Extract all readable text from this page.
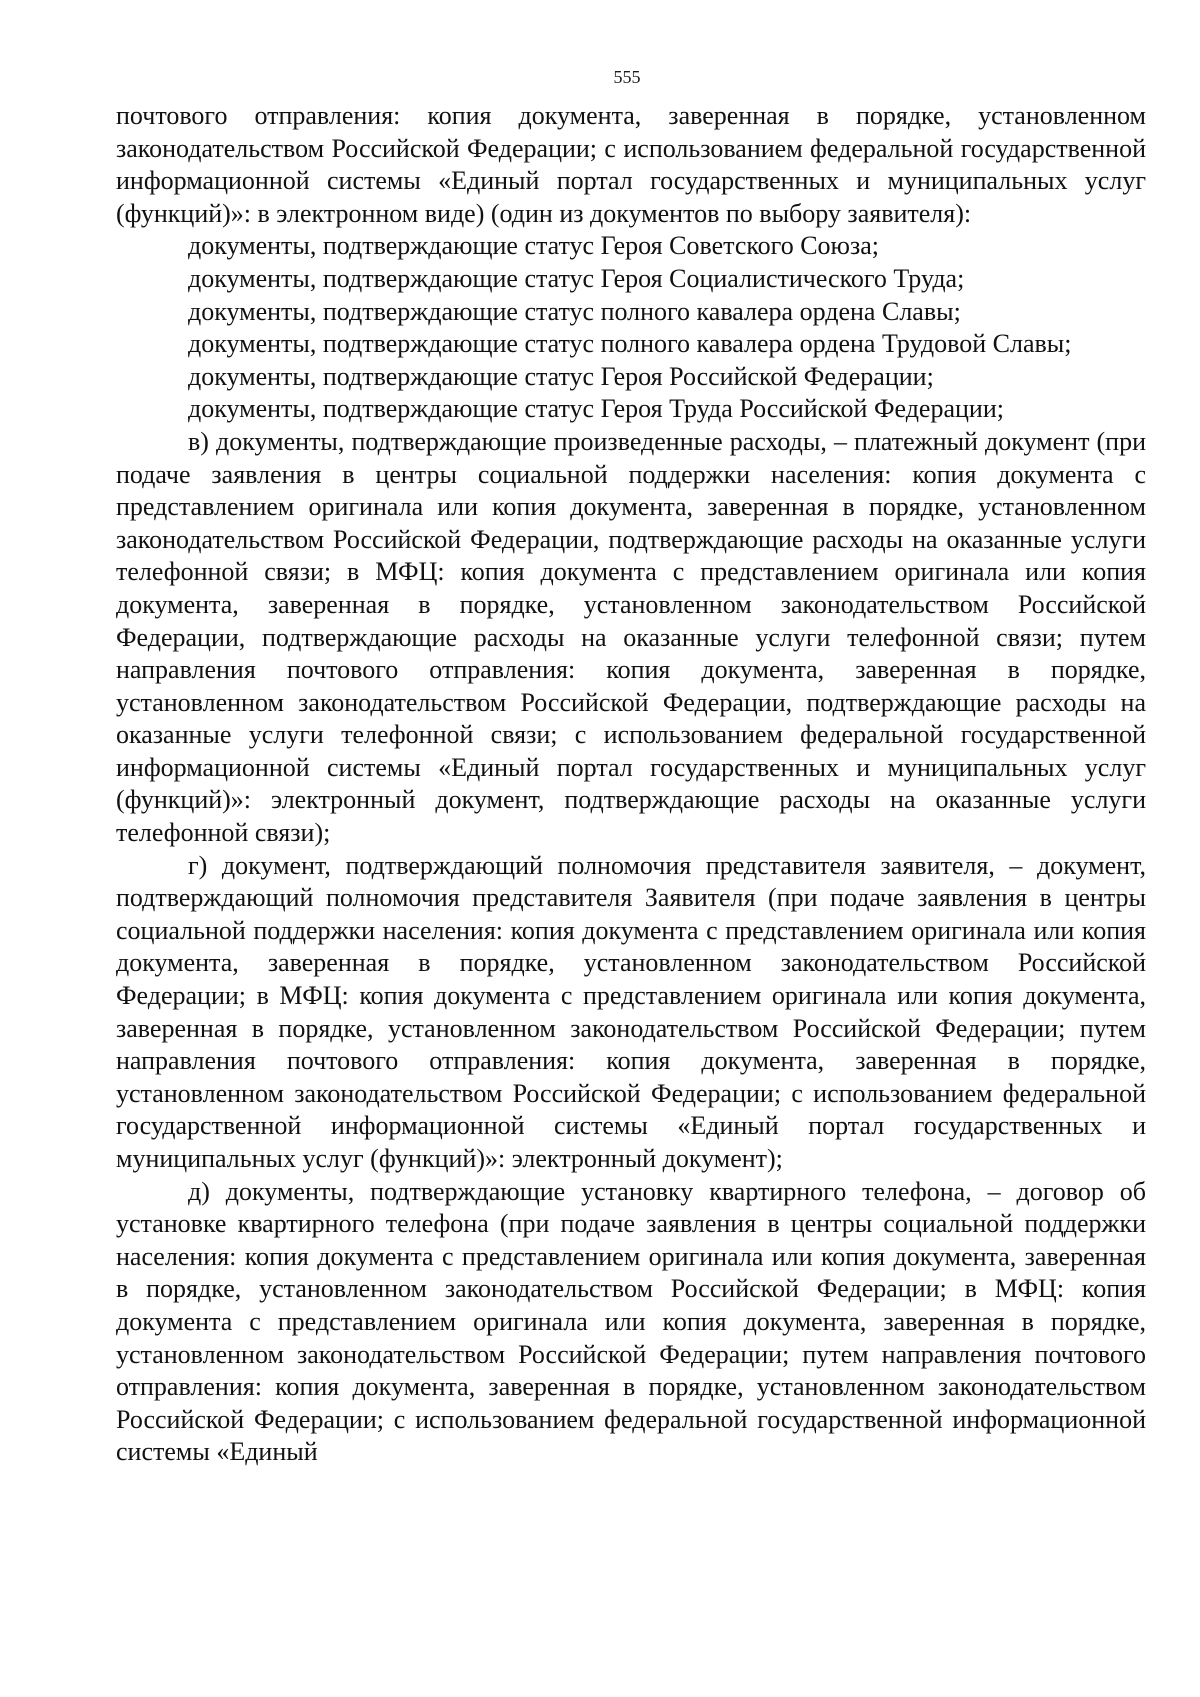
555

почтового отправления: копия документа, заверенная в порядке, установленном законодательством Российской Федерации; с использованием федеральной государственной информационной системы «Единый портал государственных и муниципальных услуг (функций)»: в электронном виде) (один из документов по выбору заявителя):

документы, подтверждающие статус Героя Советского Союза;

документы, подтверждающие статус Героя Социалистического Труда;

документы, подтверждающие статус полного кавалера ордена Славы;

документы, подтверждающие статус полного кавалера ордена Трудовой Славы;

документы, подтверждающие статус Героя Российской Федерации;

документы, подтверждающие статус Героя Труда Российской Федерации;

в) документы, подтверждающие произведенные расходы, – платежный документ (при подаче заявления в центры социальной поддержки населения: копия документа с представлением оригинала или копия документа, заверенная в порядке, установленном законодательством Российской Федерации, подтверждающие расходы на оказанные услуги телефонной связи; в МФЦ: копия документа с представлением оригинала или копия документа, заверенная в порядке, установленном законодательством Российской Федерации, подтверждающие расходы на оказанные услуги телефонной связи; путем направления почтового отправления: копия документа, заверенная в порядке, установленном законодательством Российской Федерации, подтверждающие расходы на оказанные услуги телефонной связи; с использованием федеральной государственной информационной системы «Единый портал государственных и муниципальных услуг (функций)»: электронный документ, подтверждающие расходы на оказанные услуги телефонной связи);

г) документ, подтверждающий полномочия представителя заявителя, – документ, подтверждающий полномочия представителя Заявителя (при подаче заявления в центры социальной поддержки населения: копия документа с представлением оригинала или копия документа, заверенная в порядке, установленном законодательством Российской Федерации; в МФЦ: копия документа с представлением оригинала или копия документа, заверенная в порядке, установленном законодательством Российской Федерации; путем направления почтового отправления: копия документа, заверенная в порядке, установленном законодательством Российской Федерации; с использованием федеральной государственной информационной системы «Единый портал государственных и муниципальных услуг (функций)»: электронный документ);

д) документы, подтверждающие установку квартирного телефона, – договор об установке квартирного телефона (при подаче заявления в центры социальной поддержки населения: копия документа с представлением оригинала или копия документа, заверенная в порядке, установленном законодательством Российской Федерации; в МФЦ: копия документа с представлением оригинала или копия документа, заверенная в порядке, установленном законодательством Российской Федерации; путем направления почтового отправления: копия документа, заверенная в порядке, установленном законодательством Российской Федерации; с использованием федеральной государственной информационной системы «Единый
